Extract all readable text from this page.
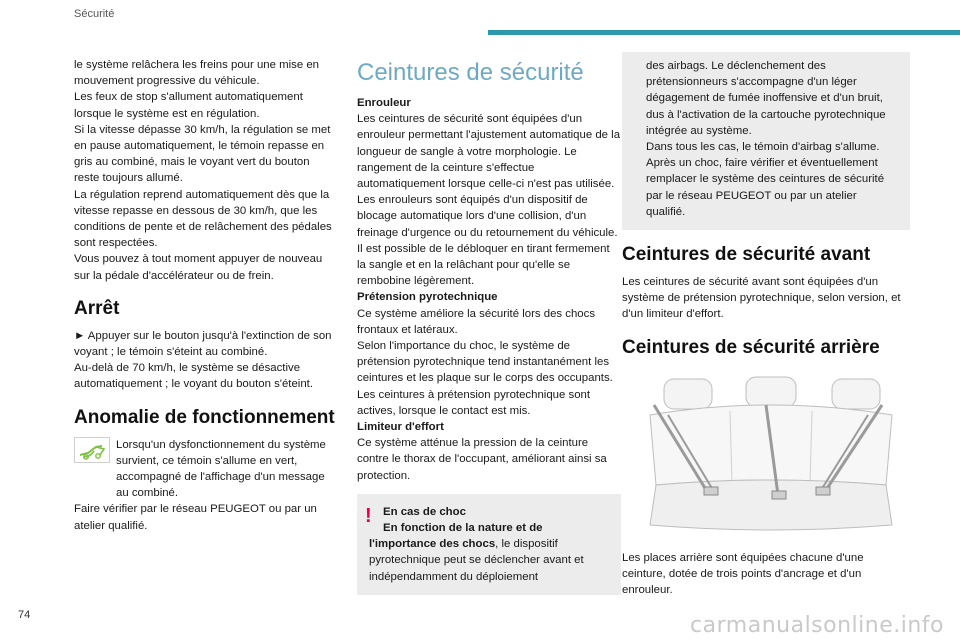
Sécurité

le système relâchera les freins pour une mise en mouvement progressive du véhicule.

Les feux de stop s'allument automatiquement lorsque le système est en régulation.

Si la vitesse dépasse 30 km/h, la régulation se met en pause automatiquement, le témoin repasse en gris au combiné, mais le voyant vert du bouton reste toujours allumé.

La régulation reprend automatiquement dès que la vitesse repasse en dessous de 30 km/h, que les conditions de pente et de relâchement des pédales sont respectées.

Vous pouvez à tout moment appuyer de nouveau sur la pédale d'accélérateur ou de frein.

Arrêt

► Appuyer sur le bouton jusqu'à l'extinction de son voyant ; le témoin s'éteint au combiné.

Au-delà de 70 km/h, le système se désactive automatiquement ; le voyant du bouton s'éteint.

Anomalie de fonctionnement

Lorsqu'un dysfonctionnement du système survient, ce témoin s'allume en vert, accompagné de l'affichage d'un message au combiné.

Faire vérifier par le réseau PEUGEOT ou par un atelier qualifié.

Ceintures de sécurité

Enrouleur

Les ceintures de sécurité sont équipées d'un enrouleur permettant l'ajustement automatique de la longueur de sangle à votre morphologie. Le rangement de la ceinture s'effectue automatiquement lorsque celle-ci n'est pas utilisée.

Les enrouleurs sont équipés d'un dispositif de blocage automatique lors d'une collision, d'un freinage d'urgence ou du retournement du véhicule. Il est possible de le débloquer en tirant fermement la sangle et en la relâchant pour qu'elle se rembobine légèrement.

Prétension pyrotechnique

Ce système améliore la sécurité lors des chocs frontaux et latéraux.

Selon l'importance du choc, le système de prétension pyrotechnique tend instantanément les ceintures et les plaque sur le corps des occupants.

Les ceintures à prétension pyrotechnique sont actives, lorsque le contact est mis.

Limiteur d'effort

Ce système atténue la pression de la ceinture contre le thorax de l'occupant, améliorant ainsi sa protection.

! En cas de choc

En fonction de la nature et de l'importance des chocs, le dispositif pyrotechnique peut se déclencher avant et indépendamment du déploiement

des airbags. Le déclenchement des prétensionneurs s'accompagne d'un léger dégagement de fumée inoffensive et d'un bruit, dus à l'activation de la cartouche pyrotechnique intégrée au système.

Dans tous les cas, le témoin d'airbag s'allume.

Après un choc, faire vérifier et éventuellement remplacer le système des ceintures de sécurité par le réseau PEUGEOT ou par un atelier qualifié.

Ceintures de sécurité avant

Les ceintures de sécurité avant sont équipées d'un système de prétension pyrotechnique, selon version, et d'un limiteur d'effort.

Ceintures de sécurité arrière

Les places arrière sont équipées chacune d'une ceinture, dotée de trois points d'ancrage et d'un enrouleur.

74	carmanualsonline.info
